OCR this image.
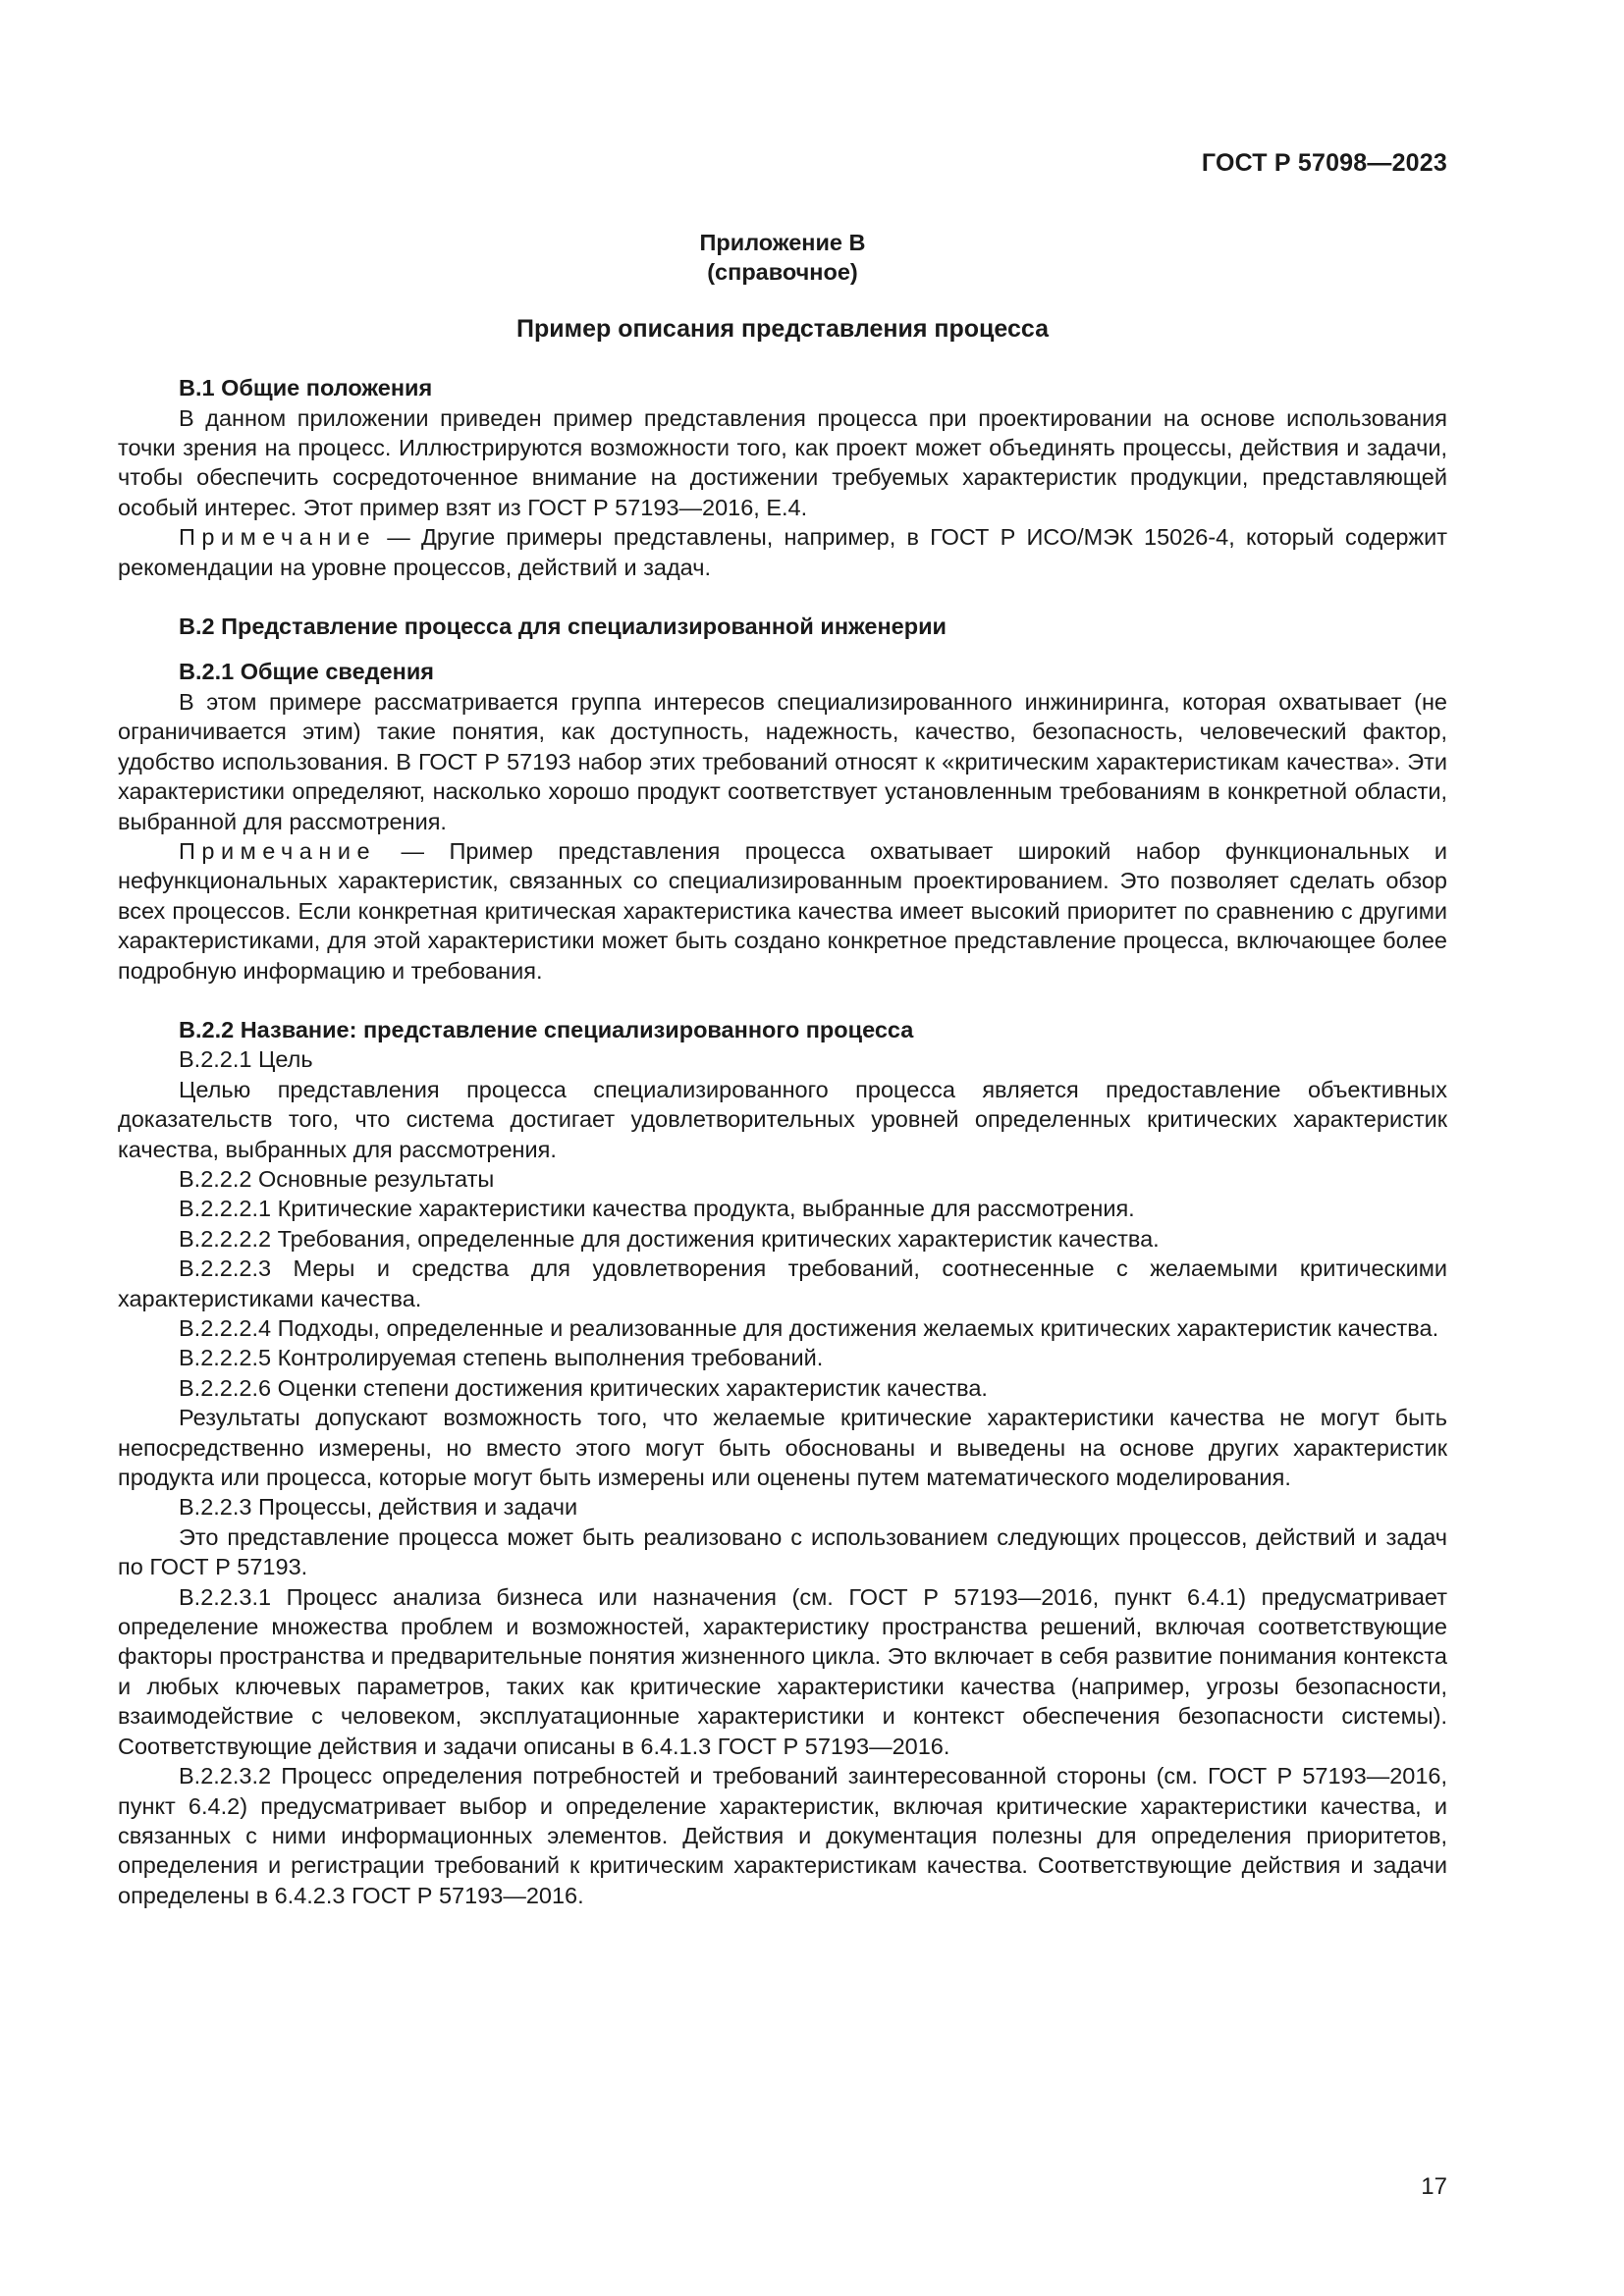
ГОСТ Р 57098—2023

Приложение В

(справочное)

Пример описания представления процесса

В.1 Общие положения

В данном приложении приведен пример представления процесса при проектировании на основе использования точки зрения на процесс. Иллюстрируются возможности того, как проект может объединять процессы, действия и задачи, чтобы обеспечить сосредоточенное внимание на достижении требуемых характеристик продукции, представляющей особый интерес. Этот пример взят из ГОСТ Р 57193—2016, Е.4.

Примечание — Другие примеры представлены, например, в ГОСТ Р ИСО/МЭК 15026-4, который содержит рекомендации на уровне процессов, действий и задач.

В.2 Представление процесса для специализированной инженерии

В.2.1 Общие сведения

В этом примере рассматривается группа интересов специализированного инжиниринга, которая охватывает (не ограничивается этим) такие понятия, как доступность, надежность, качество, безопасность, человеческий фактор, удобство использования. В ГОСТ Р 57193 набор этих требований относят к «критическим характеристикам качества». Эти характеристики определяют, насколько хорошо продукт соответствует установленным требованиям в конкретной области, выбранной для рассмотрения.

Примечание — Пример представления процесса охватывает широкий набор функциональных и нефункциональных характеристик, связанных со специализированным проектированием. Это позволяет сделать обзор всех процессов. Если конкретная критическая характеристика качества имеет высокий приоритет по сравнению с другими характеристиками, для этой характеристики может быть создано конкретное представление процесса, включающее более подробную информацию и требования.

В.2.2 Название: представление специализированного процесса

В.2.2.1 Цель

Целью представления процесса специализированного процесса является предоставление объективных доказательств того, что система достигает удовлетворительных уровней определенных критических характеристик качества, выбранных для рассмотрения.

В.2.2.2 Основные результаты

В.2.2.2.1 Критические характеристики качества продукта, выбранные для рассмотрения.

В.2.2.2.2 Требования, определенные для достижения критических характеристик качества.

В.2.2.2.3 Меры и средства для удовлетворения требований, соотнесенные с желаемыми критическими характеристиками качества.

В.2.2.2.4 Подходы, определенные и реализованные для достижения желаемых критических характеристик качества.

В.2.2.2.5 Контролируемая степень выполнения требований.

В.2.2.2.6 Оценки степени достижения критических характеристик качества.

Результаты допускают возможность того, что желаемые критические характеристики качества не могут быть непосредственно измерены, но вместо этого могут быть обоснованы и выведены на основе других характеристик продукта или процесса, которые могут быть измерены или оценены путем математического моделирования.

В.2.2.3 Процессы, действия и задачи

Это представление процесса может быть реализовано с использованием следующих процессов, действий и задач по ГОСТ Р 57193.

В.2.2.3.1 Процесс анализа бизнеса или назначения (см. ГОСТ Р 57193—2016, пункт 6.4.1) предусматривает определение множества проблем и возможностей, характеристику пространства решений, включая соответствующие факторы пространства и предварительные понятия жизненного цикла. Это включает в себя развитие понимания контекста и любых ключевых параметров, таких как критические характеристики качества (например, угрозы безопасности, взаимодействие с человеком, эксплуатационные характеристики и контекст обеспечения безопасности системы). Соответствующие действия и задачи описаны в 6.4.1.3 ГОСТ Р 57193—2016.

В.2.2.3.2 Процесс определения потребностей и требований заинтересованной стороны (см. ГОСТ Р 57193—2016, пункт 6.4.2) предусматривает выбор и определение характеристик, включая критические характеристики качества, и связанных с ними информационных элементов. Действия и документация полезны для определения приоритетов, определения и регистрации требований к критическим характеристикам качества. Соответствующие действия и задачи определены в 6.4.2.3 ГОСТ Р 57193—2016.

17
